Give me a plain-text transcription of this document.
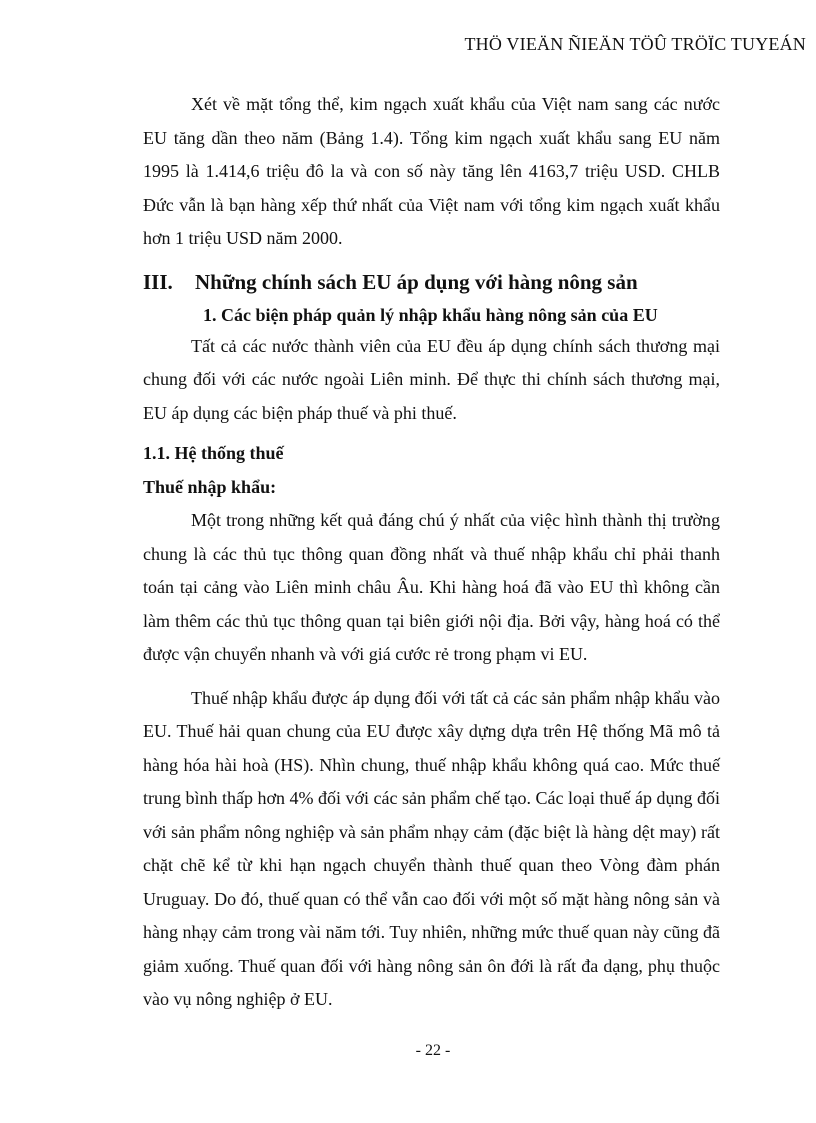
THÖ VIEÄN ÑIEÄN TÖÛ TRÖÏC TUYEÁN

Xét về mặt tổng thể, kim ngạch xuất khẩu của Việt nam sang các nước EU tăng dần theo năm (Bảng 1.4). Tổng kim ngạch xuất khẩu sang EU năm 1995 là 1.414,6 triệu đô la và con số này tăng lên 4163,7 triệu USD. CHLB Đức vẫn là bạn hàng xếp thứ nhất của Việt nam với tổng kim ngạch xuất khẩu hơn 1 triệu USD năm 2000.

III. Những chính sách EU áp dụng với hàng nông sản
1. Các biện pháp quản lý nhập khẩu hàng nông sản của EU

Tất cả các nước thành viên của EU đều áp dụng chính sách thương mại chung đối với các nước ngoài Liên minh. Để thực thi chính sách thương mại, EU áp dụng các biện pháp thuế và phi thuế.

1.1. Hệ thống thuế
Thuế nhập khẩu:

Một trong những kết quả đáng chú ý nhất của việc hình thành thị trường chung là các thủ tục thông quan đồng nhất và thuế nhập khẩu chỉ phải thanh toán tại cảng vào Liên minh châu Âu. Khi hàng hoá đã vào EU thì không cần làm thêm các thủ tục thông quan tại biên giới nội địa. Bởi vậy, hàng hoá có thể được vận chuyển nhanh và với giá cước rẻ trong phạm vi EU.

Thuế nhập khẩu được áp dụng đối với tất cả các sản phẩm nhập khẩu vào EU. Thuế hải quan chung của EU được xây dựng dựa trên Hệ thống Mã mô tả hàng hóa hài hoà (HS). Nhìn chung, thuế nhập khẩu không quá cao. Mức thuế trung bình thấp hơn 4% đối với các sản phẩm chế tạo. Các loại thuế áp dụng đối với sản phẩm nông nghiệp và sản phẩm nhạy cảm (đặc biệt là hàng dệt may) rất chặt chẽ kể từ khi hạn ngạch chuyển thành thuế quan theo Vòng đàm phán Uruguay. Do đó, thuế quan có thể vẫn cao đối với một số mặt hàng nông sản và hàng nhạy cảm trong vài năm tới. Tuy nhiên, những mức thuế quan này cũng đã giảm xuống. Thuế quan đối với hàng nông sản ôn đới là rất đa dạng, phụ thuộc vào vụ nông nghiệp ở EU.

- 22 -
